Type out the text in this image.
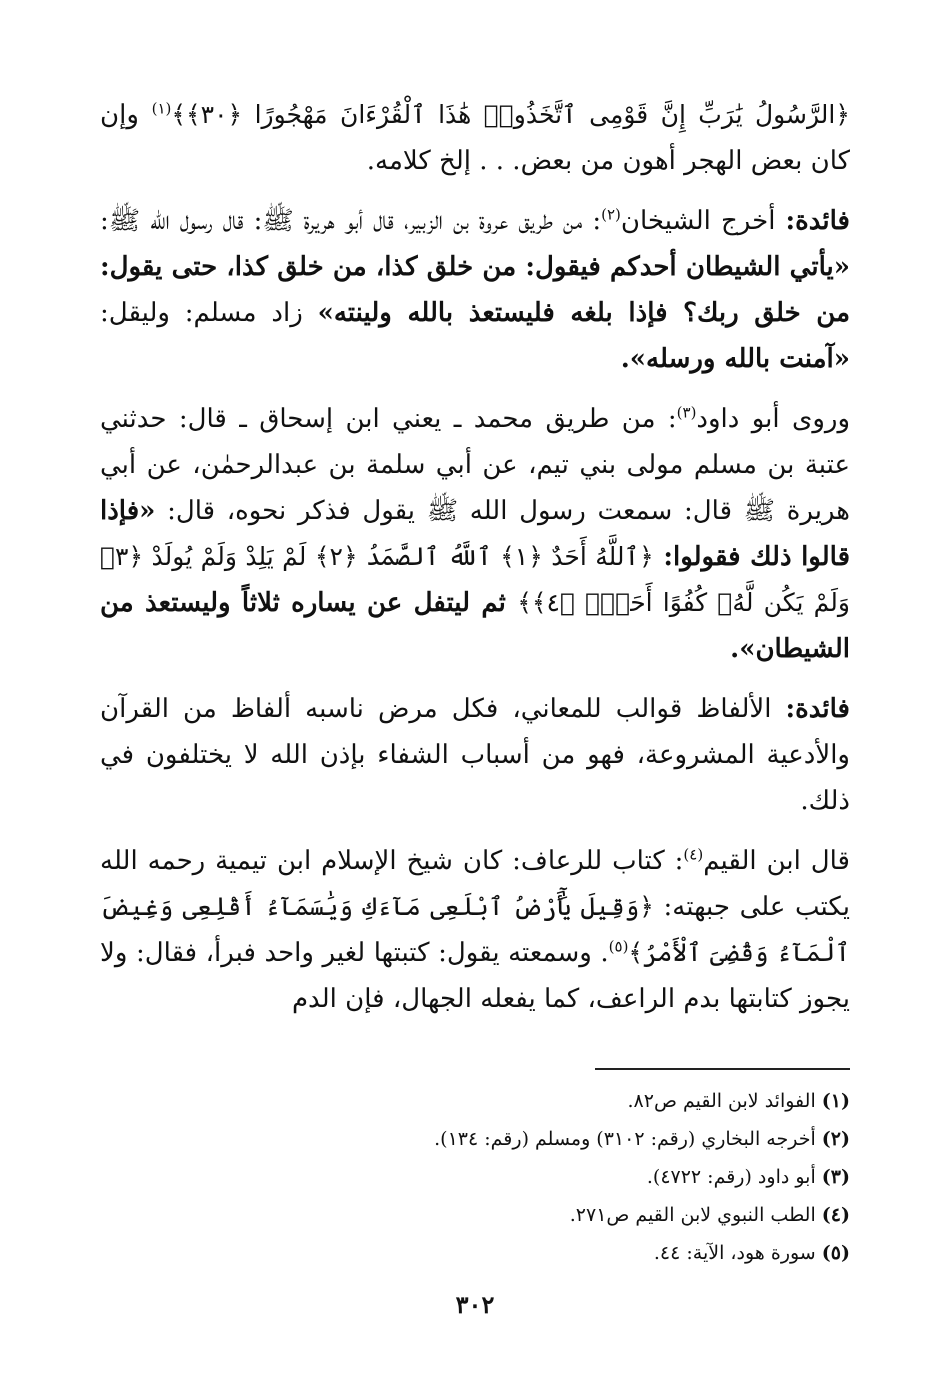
﴿الرَّسُولُ يَٰرَبِّ إِنَّ قَوْمِى ٱتَّخَذُوا۟ هَٰذَا ٱلْقُرْءَانَ مَهْجُورًا ﴿٣٠﴾﴾$^{(١)}$ وإن كان بعض الهجر أهون من بعض. . . إلخ كلامه.

فائدة: أخرج الشيخان$^{(٢)}$: من طريق عروة بن الزبير، قال أبو هريرة ﷺ: قال رسول الله ﷺ: «يأتي الشيطان أحدكم فيقول: من خلق كذا، من خلق كذا، حتى يقول: من خلق ربك؟ فإذا بلغه فليستعذ بالله ولينته» زاد مسلم: وليقل: «آمنت بالله ورسله».

وروى أبو داود$^{(٣)}$: من طريق محمد ـ يعني ابن إسحاق ـ قال: حدثني عتبة بن مسلم مولى بني تيم، عن أبي سلمة بن عبدالرحمٰن، عن أبي هريرة ﷺ قال: سمعت رسول الله ﷺ يقول فذكر نحوه، قال: «فإذا قالوا ذلك فقولوا: ﴿ٱللَّهُ أَحَدٌ ﴿١﴾ ٱللَّهُ ٱلصَّمَدُ ﴿٢﴾ لَمْ يَلِدْ وَلَمْ يُولَدْ ﴿٣﴾ وَلَمْ يَكُن لَّهُۥ كُفُوًا أَحَدٌۢ ﴿٤﴾﴾ ثم ليتفل عن يساره ثلاثاً وليستعذ من الشيطان».

فائدة: الألفاظ قوالب للمعاني، فكل مرض ناسبه ألفاظ من القرآن والأدعية المشروعة، فهو من أسباب الشفاء بإذن الله لا يختلفون في ذلك.

قال ابن القيم$^{(٤)}$: كتاب للرعاف: كان شيخ الإسلام ابن تيمية رحمه الله يكتب على جبهته: ﴿وَقِيلَ يَٰٓأَرْضُ ٱبْلَعِى مَآءَكِ وَيَٰسَمَآءُ أَقْلِعِى وَغِيضَ ٱلْمَآءُ وَقُضِىَ ٱلْأَمْرُ﴾$^{(٥)}$. وسمعته يقول: كتبتها لغير واحد فبرأ، فقال: ولا يجوز كتابتها بدم الراعف، كما يفعله الجهال، فإن الدم

(١) الفوائد لابن القيم ص٨٢.
(٢) أخرجه البخاري (رقم: ٣١٠٢) ومسلم (رقم: ١٣٤).
(٣) أبو داود (رقم: ٤٧٢٢).
(٤) الطب النبوي لابن القيم ص٢٧١.
(٥) سورة هود، الآية: ٤٤.
٣٠٢
